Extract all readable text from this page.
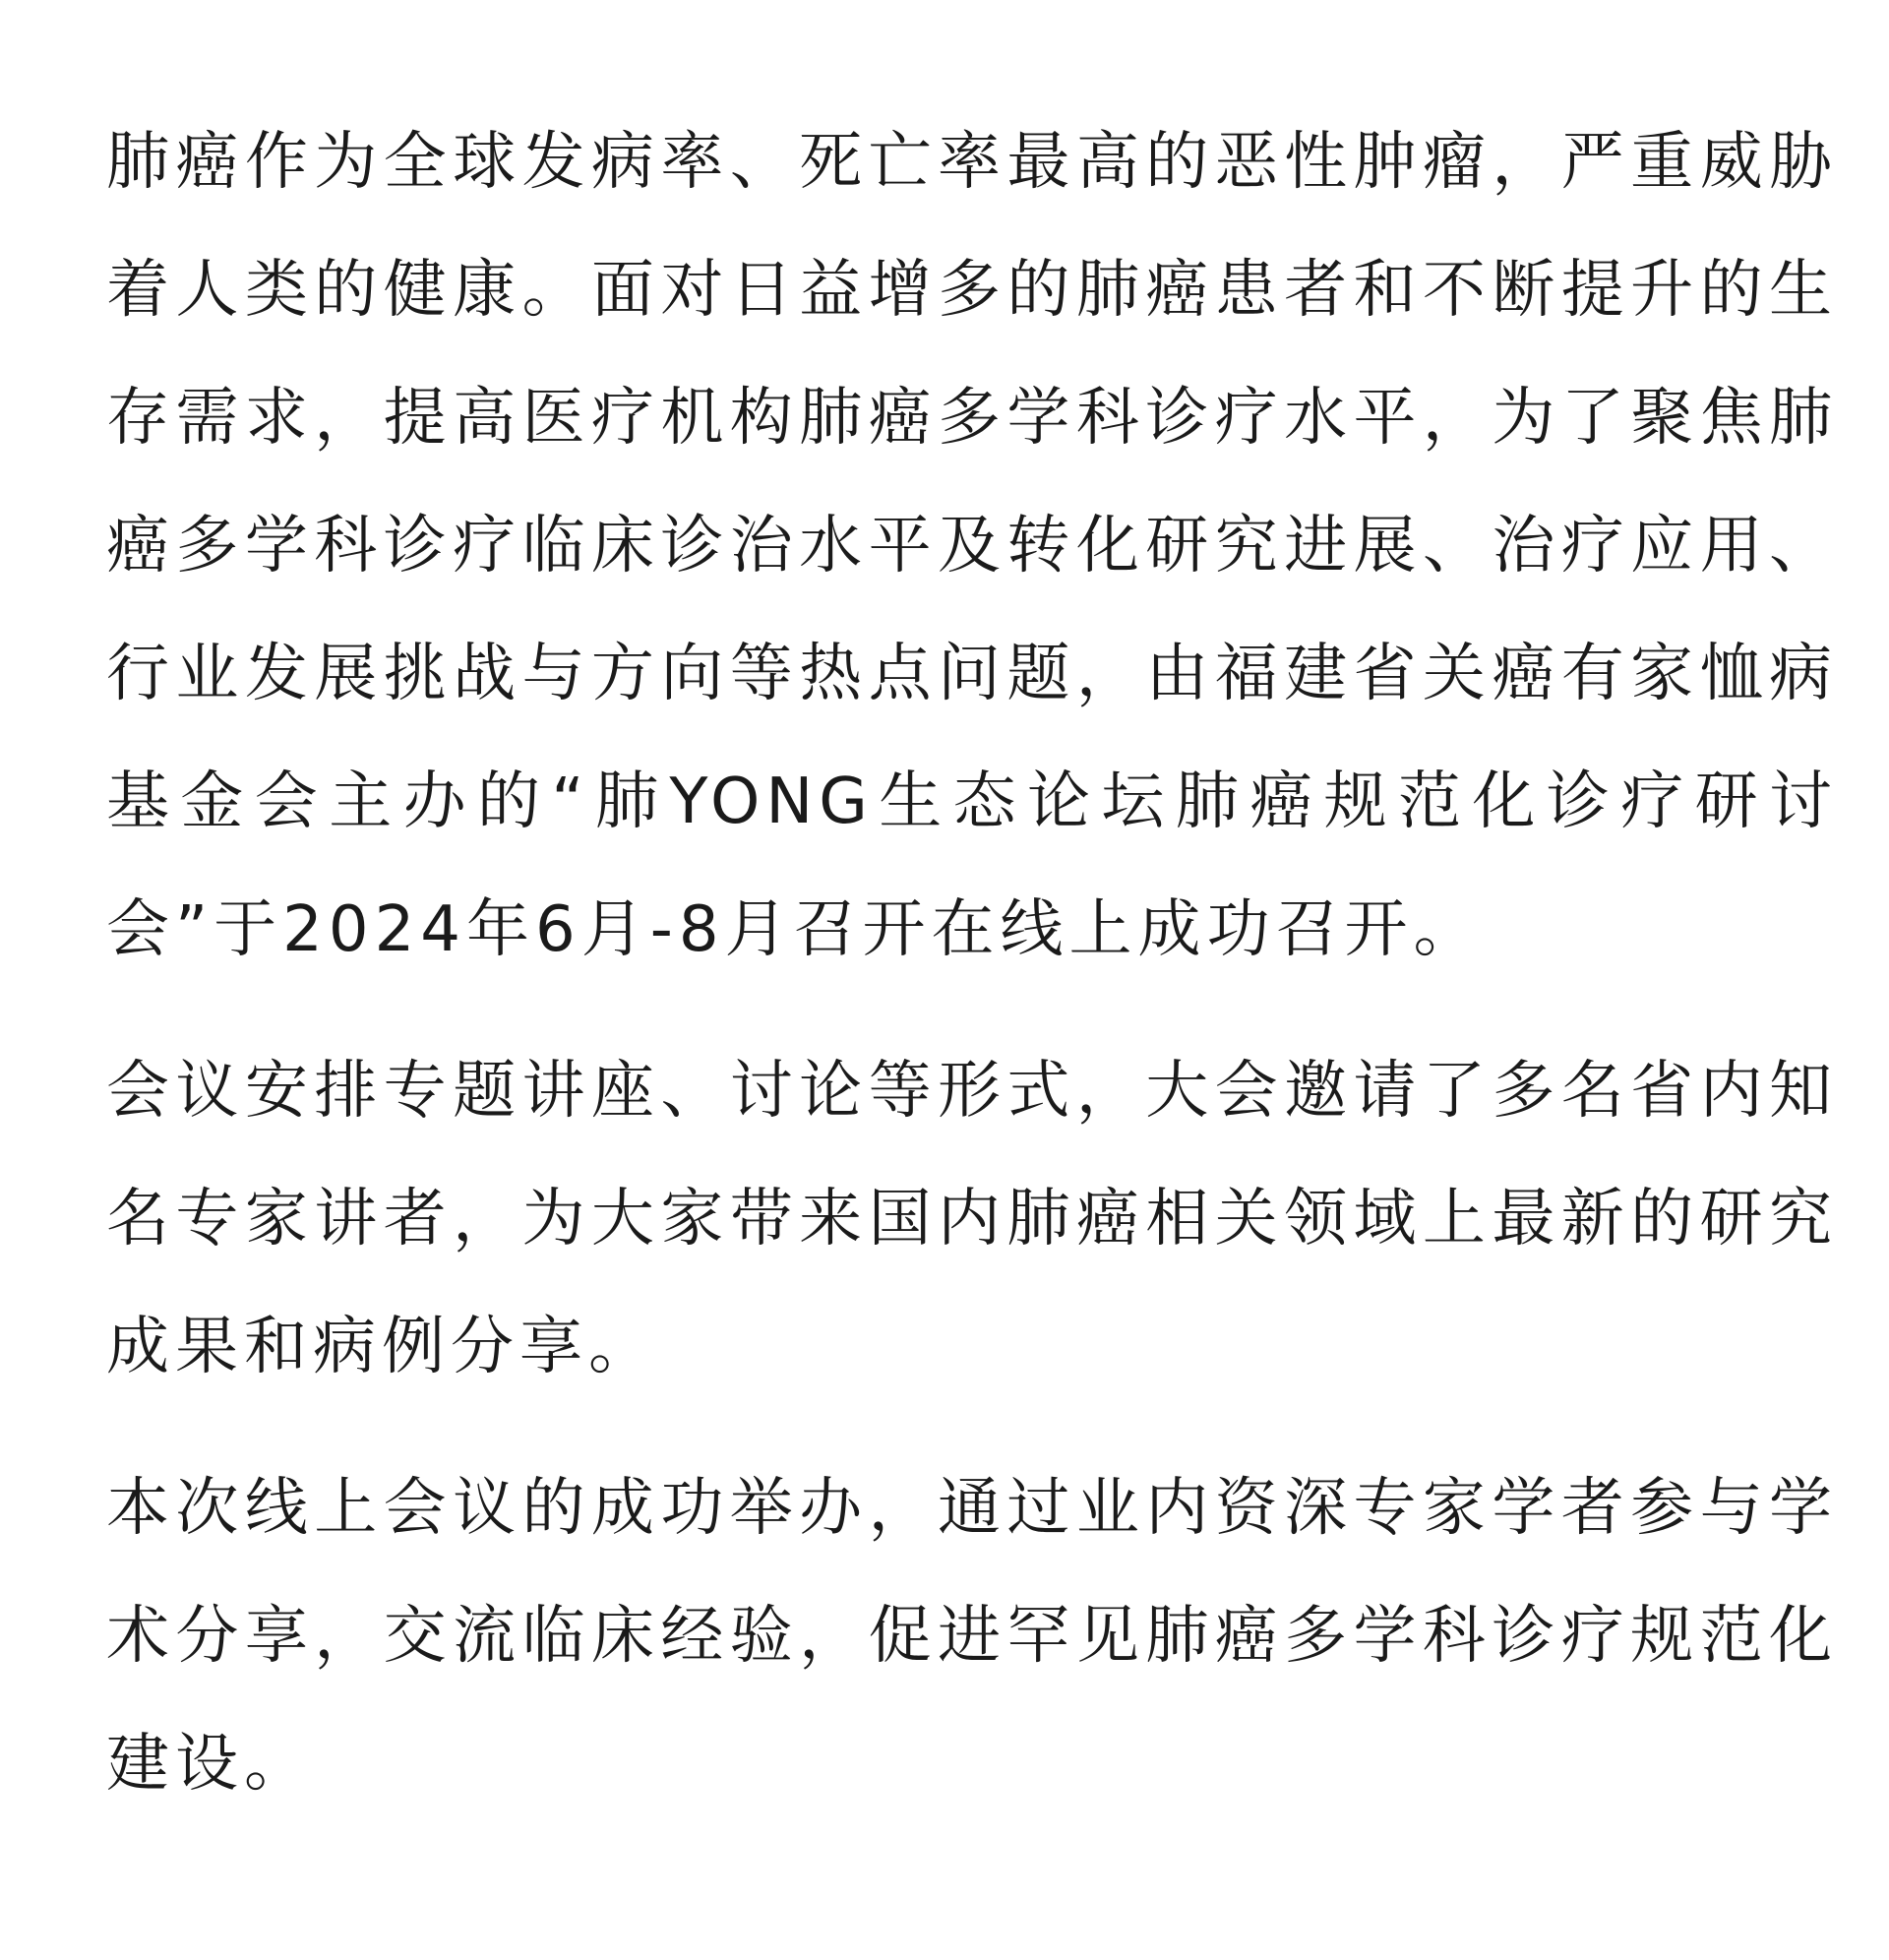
肺癌作为全球发病率、死亡率最高的恶性肿瘤，严重威胁着人类的健康。面对日益增多的肺癌患者和不断提升的生存需求，提高医疗机构肺癌多学科诊疗水平，为了聚焦肺癌多学科诊疗临床诊治水平及转化研究进展、治疗应用、行业发展挑战与方向等热点问题，由福建省关癌有家恤病基金会主办的“肺YONG生态论坛肺癌规范化诊疗研讨会”于2024年6月-8月召开在线上成功召开。

会议安排专题讲座、讨论等形式，大会邀请了多名省内知名专家讲者，为大家带来国内肺癌相关领域上最新的研究成果和病例分享。

本次线上会议的成功举办，通过业内资深专家学者参与学术分享，交流临床经验，促进罕见肺癌多学科诊疗规范化建设。
